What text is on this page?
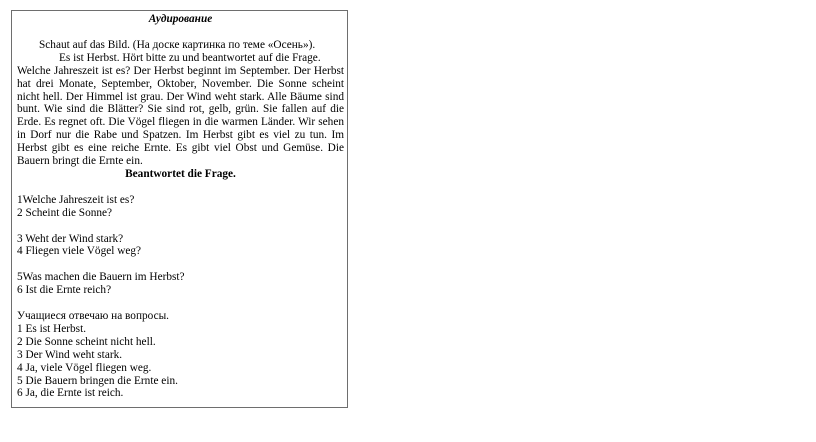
Аудирование

Schaut auf das Bild. (На доске картинка по теме «Осень»).

Es ist Herbst. Hört bitte zu und beantwortet auf die Frage.

Welche Jahreszeit ist es? Der Herbst beginnt im September. Der Herbst hat drei Monate, September, Oktober, November. Die Sonne scheint nicht hell. Der Himmel ist grau. Der Wind weht stark. Alle Bäume sind bunt. Wie sind die Blätter? Sie sind rot, gelb, grün. Sie fallen auf die Erde. Es regnet oft. Die Vögel fliegen in die warmen Länder. Wir sehen in Dorf nur die Rabe und Spatzen. Im Herbst gibt es viel zu tun. Im Herbst gibt es eine reiche Ernte. Es gibt viel Obst und Gemüse. Die Bauern bringt die Ernte ein.

Beantwortet die Frage.

1Welche Jahreszeit ist es?

2 Scheint die Sonne?

3 Weht der Wind stark?

4 Fliegen viele Vögel weg?

5Was machen die Bauern im Herbst?

6 Ist die Ernte reich?

Учащиеся отвечаю на вопросы.

1 Es ist Herbst.

2 Die Sonne scheint nicht hell.

3 Der Wind weht stark.

4 Ja, viele Vögel fliegen weg.

5 Die Bauern bringen die Ernte ein.

6 Ja, die Ernte ist reich.
